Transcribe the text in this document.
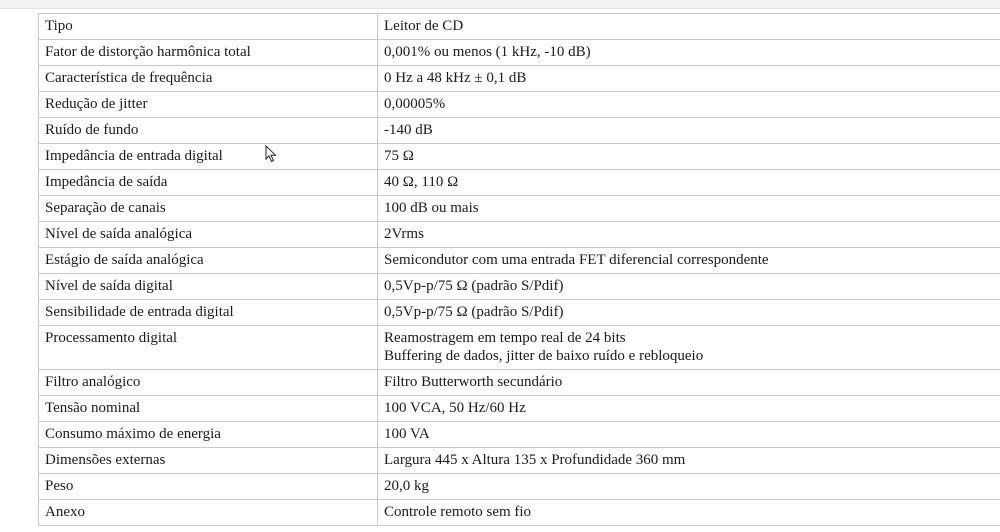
Tipo	Leitor de CD

Fator de distorção harmônica total	0,001% ou menos (1 kHz, -10 dB)

Característica de frequência	0 Hz a 48 kHz ± 0,1 dB

Redução de jitter	0,00005%

Ruído de fundo	-140 dB

Impedância de entrada digital	75 Ω

Impedância de saída	40 Ω, 110 Ω

Separação de canais	100 dB ou mais

Nível de saída analógica	2Vrms

Estágio de saída analógica	Semicondutor com uma entrada FET diferencial correspondente

Nível de saída digital	0,5Vp-p/75 Ω (padrão S/Pdif)

Sensibilidade de entrada digital	0,5Vp-p/75 Ω (padrão S/Pdif)

Processamento digital	Reamostragem em tempo real de 24 bits
Buffering de dados, jitter de baixo ruído e rebloqueio

Filtro analógico	Filtro Butterworth secundário

Tensão nominal	100 VCA, 50 Hz/60 Hz

Consumo máximo de energia	100 VA

Dimensões externas	Largura 445 x Altura 135 x Profundidade 360 mm

Peso	20,0 kg

Anexo	Controle remoto sem fio
